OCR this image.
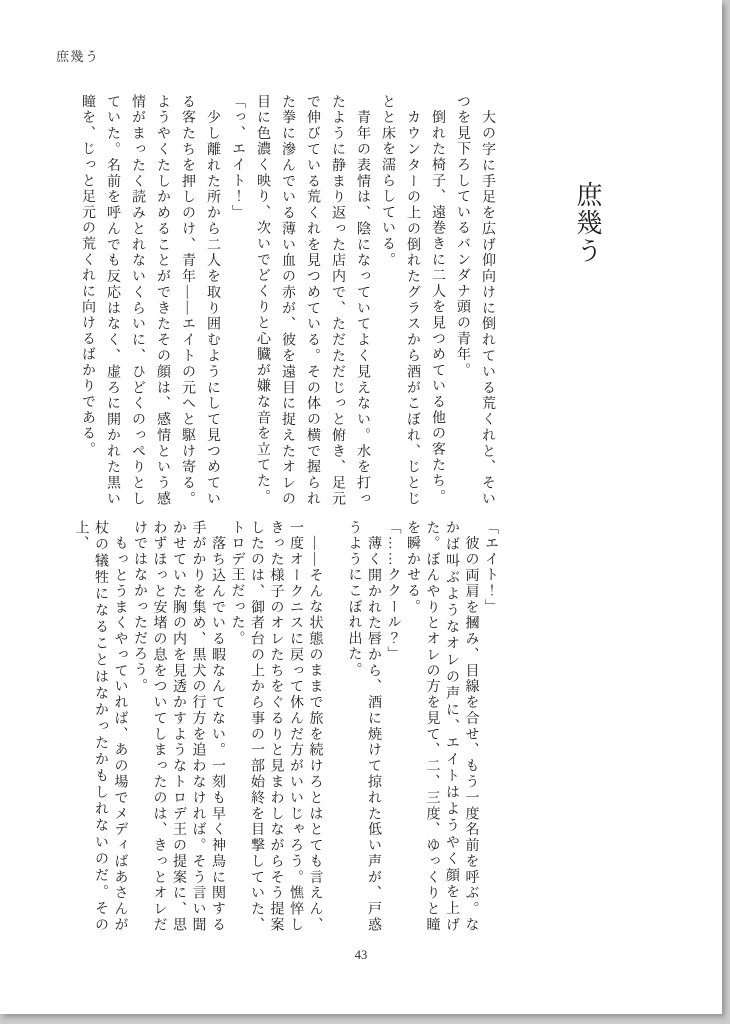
庶幾う
庶幾う
　大の字に手足を広げ仰向けに倒れている荒くれと、そいつを見下ろしているバンダナ頭の青年。
　倒れた椅子、遠巻きに二人を見つめている他の客たち。
　カウンターの上の倒れたグラスから酒がこぼれ、じとじとと床を濡らしている。
　青年の表情は、陰になっていてよく見えない。水を打ったように静まり返った店内で、ただただじっと俯き、足元で伸びている荒くれを見つめている。その体の横で握られた拳に滲んでいる薄い血の赤が、彼を遠目に捉えたオレの目に色濃く映り、次いでどくりと心臓が嫌な音を立てた。
「っ、エイト！」
　少し離れた所から二人を取り囲むようにして見つめている客たちを押しのけ、青年――エイトの元へと駆け寄る。ようやくたしかめることができたその顔は、感情という感情がまったく読みとれないくらいに、ひどくのっぺりとしていた。名前を呼んでも反応はなく、虚ろに開かれた黒い瞳を、じっと足元の荒くれに向けるばかりである。
「エイト！」
　彼の両肩を摑み、目線を合せ、もう一度名前を呼ぶ。なかば叫ぶようなオレの声に、エイトはようやく顔を上げた。ぼんやりとオレの方を見て、二、三度、ゆっくりと瞳を瞬かせる。
「……ククール？」
　薄く開かれた唇から、酒に焼けて掠れた低い声が、戸惑うようにこぼれ出た。

　――そんな状態のままで旅を続けろとはとても言えん、一度オークニスに戻って休んだ方がいいじゃろう。憔悴しきった様子のオレたちをぐるりと見まわしながらそう提案したのは、御者台の上から事の一部始終を目撃していた、トロデ王だった。
　落ち込んでいる暇なんてない。一刻も早く神鳥に関する手がかりを集め、黒犬の行方を追わなければ。そう言い聞かせていた胸の内を見透かすようなトロデ王の提案に、思わずほっと安堵の息をついてしまったのは、きっとオレだけではなかっただろう。
　もっとうまくやっていれば、あの場でメディばあさんが杖の犠牲になることはなかったかもしれないのだ。その上、
43
